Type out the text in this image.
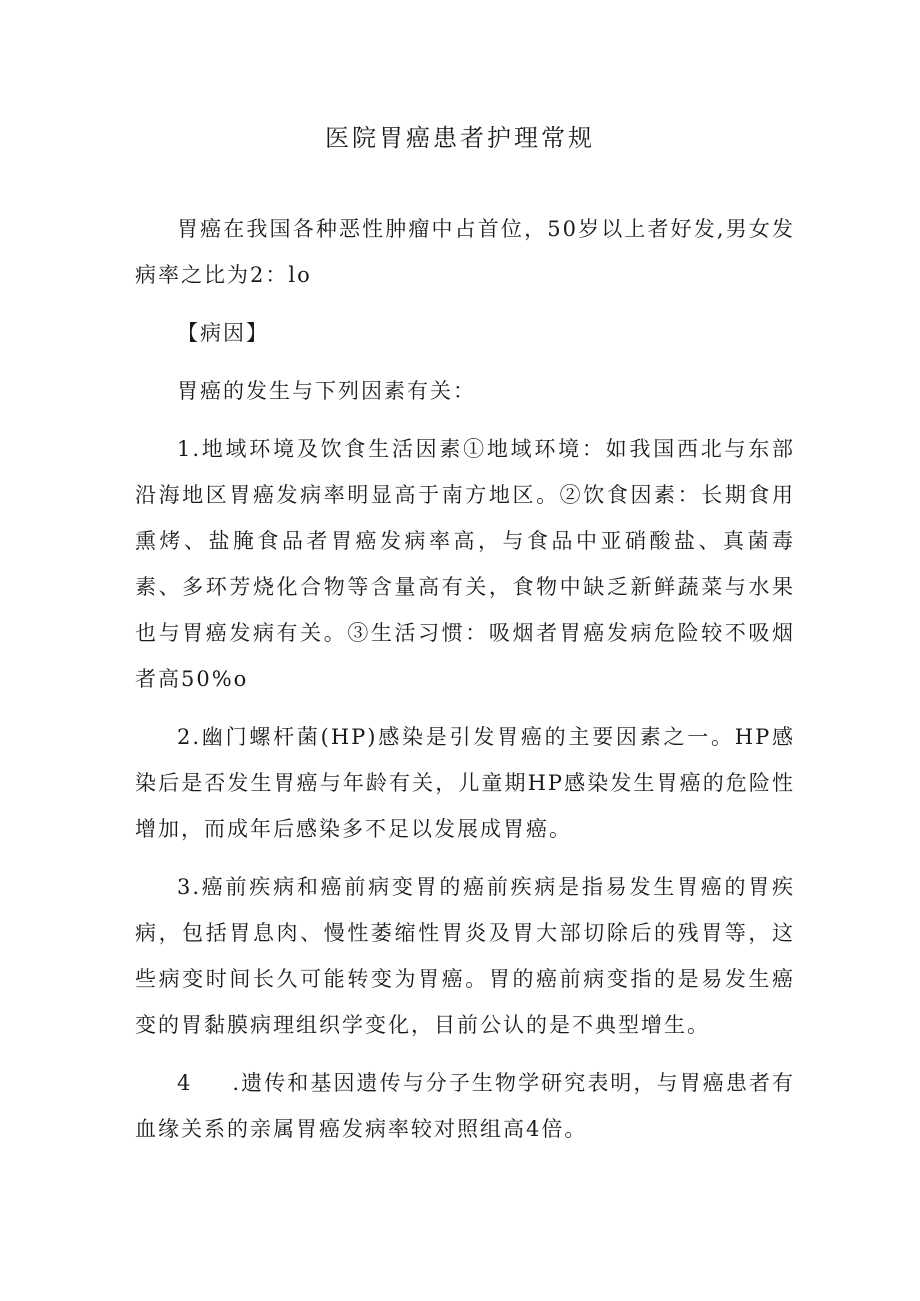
医院胃癌患者护理常规

胃癌在我国各种恶性肿瘤中占首位，50岁以上者好发,男女发病率之比为2：lo

【病因】

胃癌的发生与下列因素有关：

1.地域环境及饮食生活因素①地域环境：如我国西北与东部沿海地区胃癌发病率明显高于南方地区。②饮食因素：长期食用熏烤、盐腌食品者胃癌发病率高，与食品中亚硝酸盐、真菌毒素、多环芳烧化合物等含量高有关，食物中缺乏新鲜蔬菜与水果也与胃癌发病有关。③生活习惯：吸烟者胃癌发病危险较不吸烟者高50%o

2.幽门螺杆菌(HP)感染是引发胃癌的主要因素之一。HP感染后是否发生胃癌与年龄有关，儿童期HP感染发生胃癌的危险性增加，而成年后感染多不足以发展成胃癌。

3.癌前疾病和癌前病变胃的癌前疾病是指易发生胃癌的胃疾病，包括胃息肉、慢性萎缩性胃炎及胃大部切除后的残胃等，这些病变时间长久可能转变为胃癌。胃的癌前病变指的是易发生癌变的胃黏膜病理组织学变化，目前公认的是不典型增生。

4 .遗传和基因遗传与分子生物学研究表明，与胃癌患者有血缘关系的亲属胃癌发病率较对照组高4倍。
